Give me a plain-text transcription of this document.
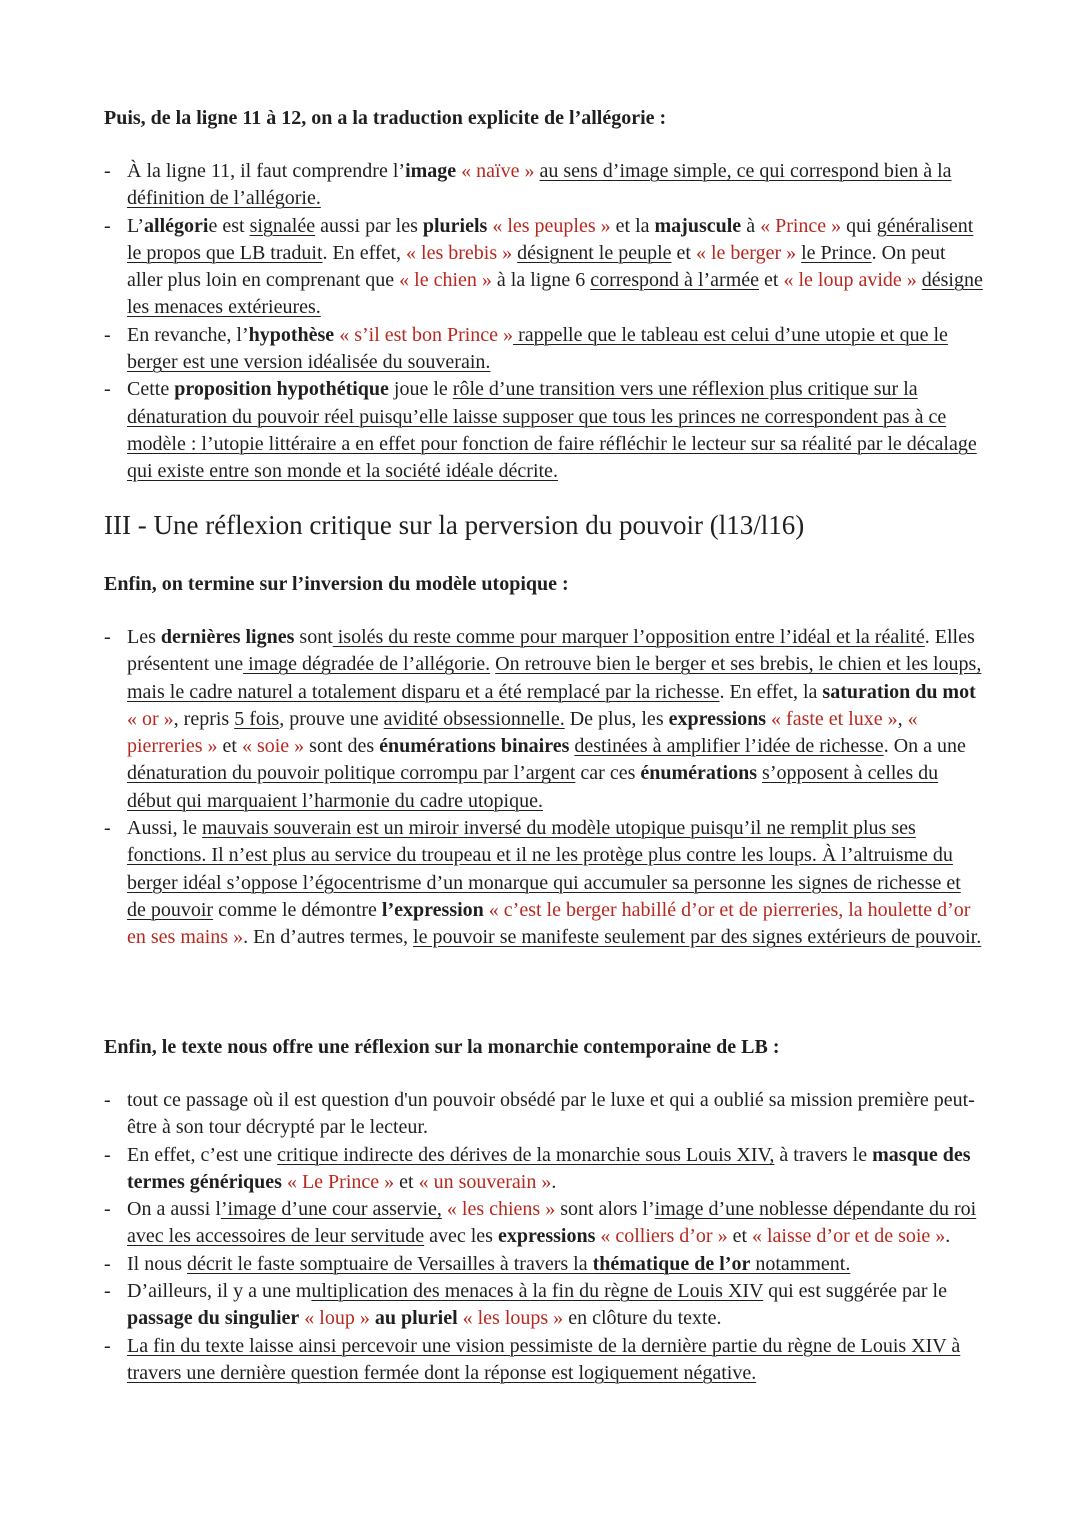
Puis, de la ligne 11 à 12, on a la traduction explicite de l’allégorie :

- À la ligne 11, il faut comprendre l’image « naïve » au sens d’image simple, ce qui correspond bien à la définition de l’allégorie.
- L’allégorie est signalée aussi par les pluriels « les peuples » et la majuscule à « Prince » qui généralisent le propos que LB traduit. En effet, « les brebis » désignent le peuple et « le berger » le Prince. On peut aller plus loin en comprenant que « le chien » à la ligne 6 correspond à l’armée et « le loup avide » désigne les menaces extérieures.
- En revanche, l’hypothèse « s’il est bon Prince » rappelle que le tableau est celui d’une utopie et que le berger est une version idéalisée du souverain.
- Cette proposition hypothétique joue le rôle d’une transition vers une réflexion plus critique sur la dénaturation du pouvoir réel puisqu’elle laisse supposer que tous les princes ne correspondent pas à ce modèle : l’utopie littéraire a en effet pour fonction de faire réfléchir le lecteur sur sa réalité par le décalage qui existe entre son monde et la société idéale décrite.
III - Une réflexion critique sur la perversion du pouvoir (l13/l16)

Enfin, on termine sur l’inversion du modèle utopique :

- Les dernières lignes sont isolés du reste comme pour marquer l’opposition entre l’idéal et la réalité. Elles présentent une image dégradée de l’allégorie. On retrouve bien le berger et ses brebis, le chien et les loups, mais le cadre naturel a totalement disparu et a été remplacé par la richesse. En effet, la saturation du mot « or », repris 5 fois, prouve une avidité obsessionnelle. De plus, les expressions « faste et luxe », « pierreries » et « soie » sont des énumérations binaires destinées à amplifier l’idée de richesse. On a une dénaturation du pouvoir politique corrompu par l’argent car ces énumérations s’opposent à celles du début qui marquaient l’harmonie du cadre utopique.
- Aussi, le mauvais souverain est un miroir inversé du modèle utopique puisqu’il ne remplit plus ses fonctions. Il n’est plus au service du troupeau et il ne les protège plus contre les loups. À l’altruisme du berger idéal s’oppose l’égocentrisme d’un monarque qui accumuler sa personne les signes de richesse et de pouvoir comme le démontre l’expression « c’est le berger habillé d’or et de pierreries, la houlette d’or en ses mains ». En d’autres termes, le pouvoir se manifeste seulement par des signes extérieurs de pouvoir.

Enfin, le texte nous offre une réflexion sur la monarchie contemporaine de LB :

- tout ce passage où il est question d'un pouvoir obsédé par le luxe et qui a oublié sa mission première peut-être à son tour décrypté par le lecteur.
- En effet, c’est une critique indirecte des dérives de la monarchie sous Louis XIV, à travers le masque des termes génériques « Le Prince » et « un souverain ».
- On a aussi l’image d’une cour asservie, « les chiens » sont alors l’image d’une noblesse dépendante du roi avec les accessoires de leur servitude avec les expressions « colliers d’or » et « laisse d’or et de soie ».
- Il nous décrit le faste somptuaire de Versailles à travers la thématique de l’or notamment.
- D’ailleurs, il y a une multiplication des menaces à la fin du règne de Louis XIV qui est suggérée par le passage du singulier « loup » au pluriel « les loups » en clôture du texte.
- La fin du texte laisse ainsi percevoir une vision pessimiste de la dernière partie du règne de Louis XIV à travers une dernière question fermée dont la réponse est logiquement négative.
